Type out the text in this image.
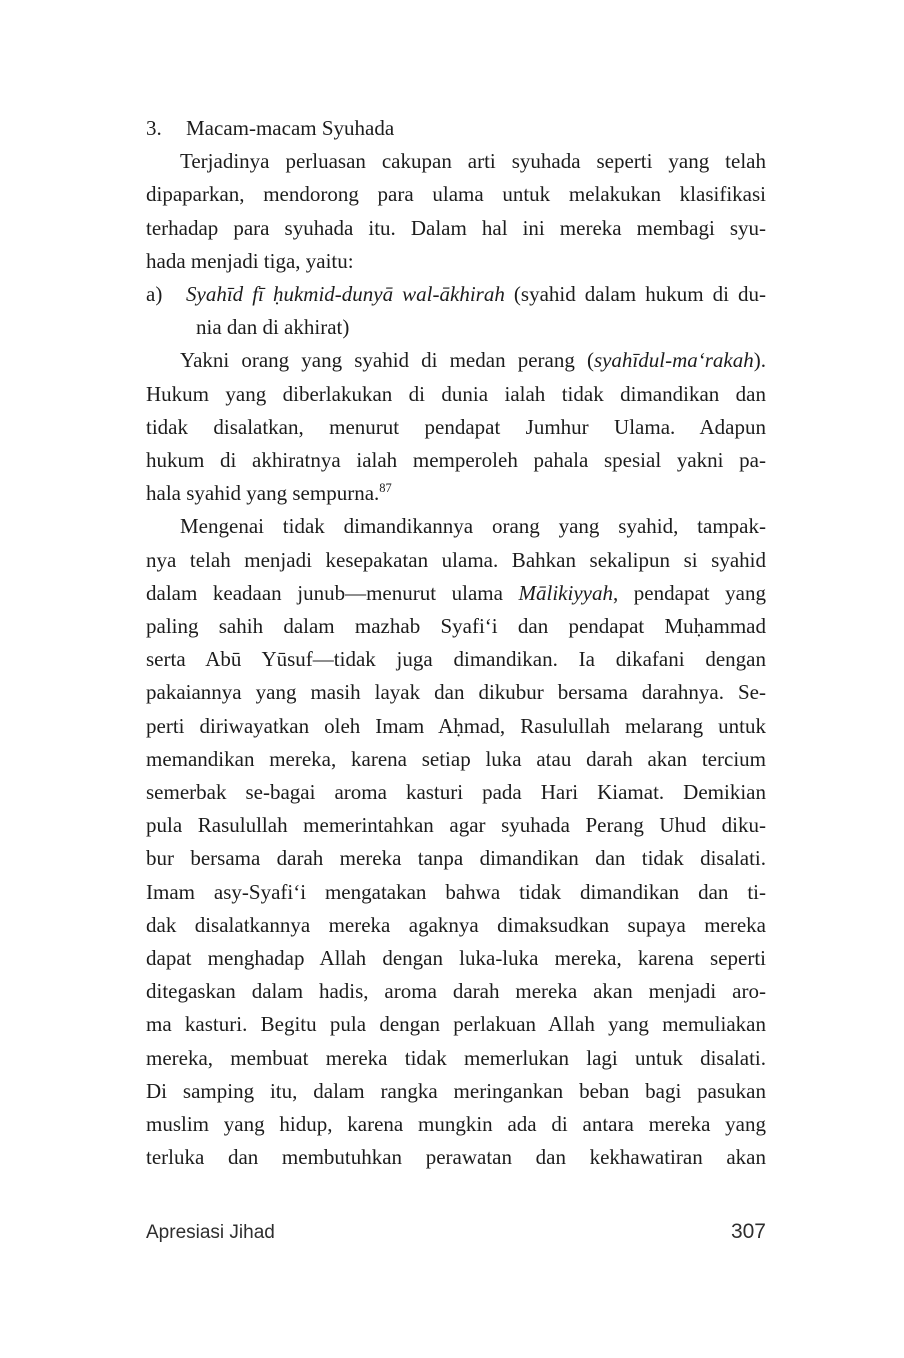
3. Macam-macam Syuhada
Terjadinya perluasan cakupan arti syuhada seperti yang telah
dipaparkan, mendorong para ulama untuk melakukan klasifikasi
terhadap para syuhada itu. Dalam hal ini mereka membagi syu-
hada menjadi tiga, yaitu:
a) Syahīd fī ḥukmid-dunyā wal-ākhirah (syahid dalam hukum di du-
nia dan di akhirat)
Yakni orang yang syahid di medan perang (syahīdul-ma‘rakah).
Hukum yang diberlakukan di dunia ialah tidak dimandikan dan
tidak disalatkan, menurut pendapat Jumhur Ulama. Adapun
hukum di akhiratnya ialah memperoleh pahala spesial yakni pa-
hala syahid yang sempurna.$^{87}$
Mengenai tidak dimandikannya orang yang syahid, tampak-
nya telah menjadi kesepakatan ulama. Bahkan sekalipun si syahid
dalam keadaan junub—menurut ulama Mālikiyyah, pendapat yang
paling sahih dalam mazhab Syafi‘i dan pendapat Muḥammad
serta Abū Yūsuf—tidak juga dimandikan. Ia dikafani dengan
pakaiannya yang masih layak dan dikubur bersama darahnya. Se-
perti diriwayatkan oleh Imam Aḥmad, Rasulullah melarang untuk
memandikan mereka, karena setiap luka atau darah akan tercium
semerbak se-bagai aroma kasturi pada Hari Kiamat. Demikian
pula Rasulullah memerintahkan agar syuhada Perang Uhud diku-
bur bersama darah mereka tanpa dimandikan dan tidak disalati.
Imam asy-Syafi‘i mengatakan bahwa tidak dimandikan dan ti-
dak disalatkannya mereka agaknya dimaksudkan supaya mereka
dapat menghadap Allah dengan luka-luka mereka, karena seperti
ditegaskan dalam hadis, aroma darah mereka akan menjadi aro-
ma kasturi. Begitu pula dengan perlakuan Allah yang memuliakan
mereka, membuat mereka tidak memerlukan lagi untuk disalati.
Di samping itu, dalam rangka meringankan beban bagi pasukan
muslim yang hidup, karena mungkin ada di antara mereka yang
terluka dan membutuhkan perawatan dan kekhawatiran akan
Apresiasi Jihad	307
